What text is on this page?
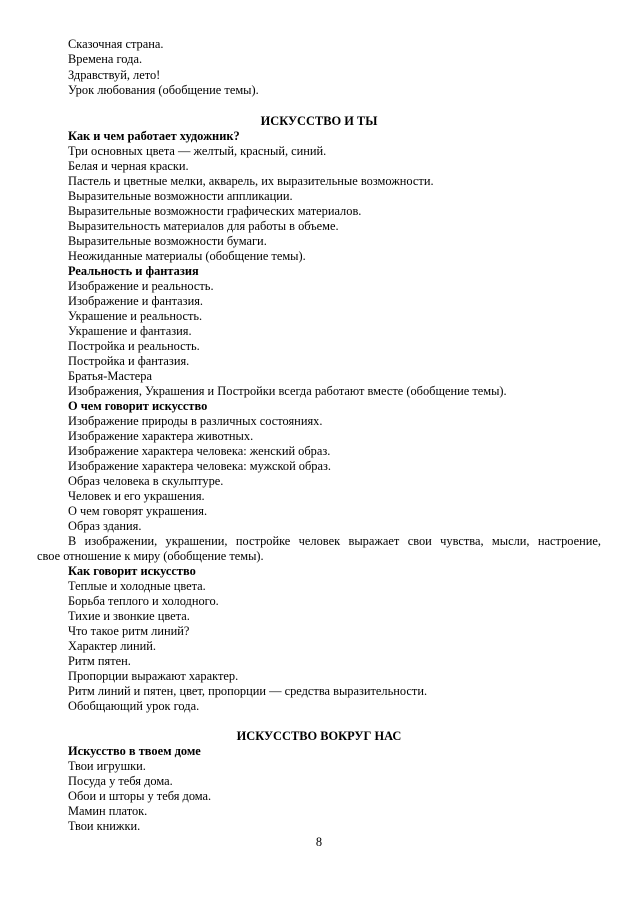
Сказочная страна.
Времена года.
Здравствуй, лето!
Урок любования (обобщение темы).
ИСКУССТВО И ТЫ
Как и чем работает художник?
Три основных цвета — желтый, красный, синий.
Белая и черная краски.
Пастель и цветные мелки, акварель, их выразительные возможности.
Выразительные возможности аппликации.
Выразительные возможности графических материалов.
Выразительность материалов для работы в объеме.
Выразительные возможности бумаги.
Неожиданные материалы (обобщение темы).
Реальность и фантазия
Изображение и реальность.
Изображение и фантазия.
Украшение и реальность.
Украшение и фантазия.
Постройка и реальность.
Постройка и фантазия.
Братья-Мастера
Изображения, Украшения и Постройки всегда работают вместе (обобщение темы).
О чем говорит искусство
Изображение природы в различных состояниях.
Изображение характера животных.
Изображение характера человека: женский образ.
Изображение характера человека: мужской образ.
Образ человека в скульптуре.
Человек и его украшения.
О чем говорят украшения.
Образ здания.
В изображении, украшении, постройке человек выражает свои чувства, мысли, настроение,
свое отношение к миру (обобщение темы).
Как говорит искусство
Теплые и холодные цвета.
Борьба теплого и холодного.
Тихие и звонкие цвета.
Что такое ритм линий?
Характер линий.
Ритм пятен.
Пропорции выражают характер.
Ритм линий и пятен, цвет, пропорции — средства выразительности.
Обобщающий урок года.
ИСКУССТВО ВОКРУГ НАС
Искусство в твоем доме
Твои игрушки.
Посуда у тебя дома.
Обои и шторы у тебя дома.
Мамин платок.
Твои книжки.
8
